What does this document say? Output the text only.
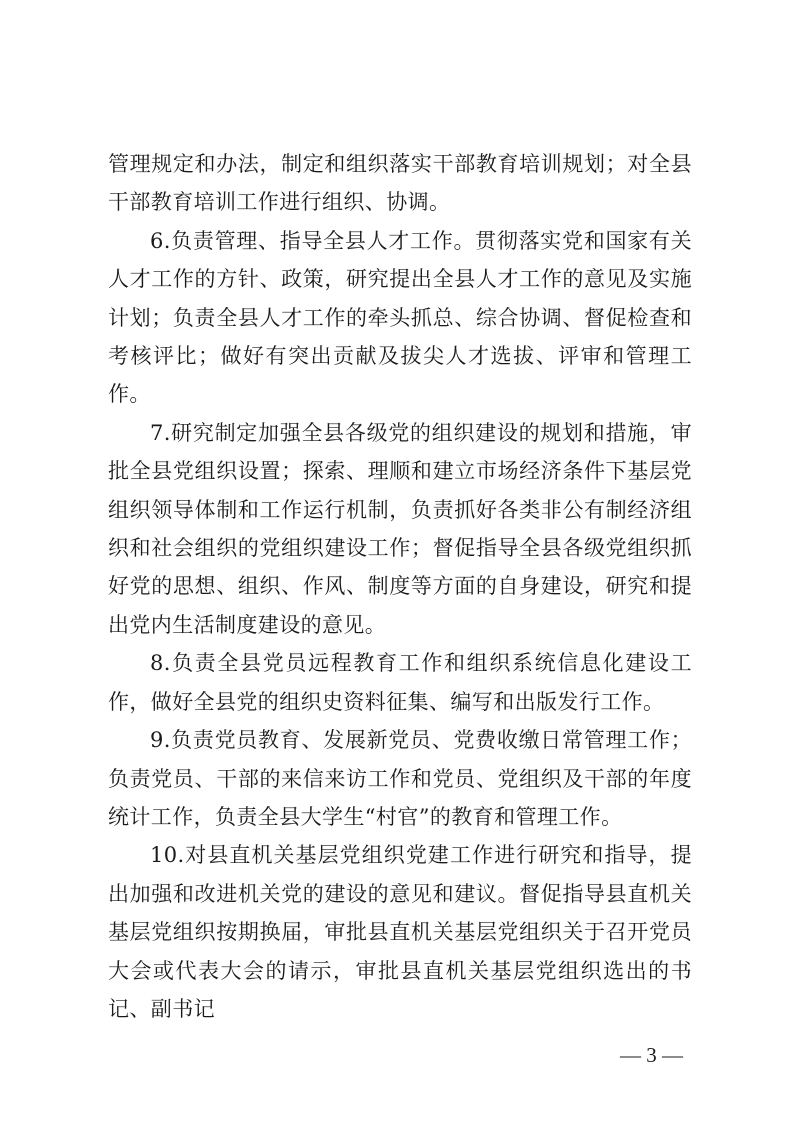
管理规定和办法，制定和组织落实干部教育培训规划；对全县干部教育培训工作进行组织、协调。

6.负责管理、指导全县人才工作。贯彻落实党和国家有关人才工作的方针、政策，研究提出全县人才工作的意见及实施计划；负责全县人才工作的牵头抓总、综合协调、督促检查和考核评比；做好有突出贡献及拔尖人才选拔、评审和管理工作。

7.研究制定加强全县各级党的组织建设的规划和措施，审批全县党组织设置；探索、理顺和建立市场经济条件下基层党组织领导体制和工作运行机制，负责抓好各类非公有制经济组织和社会组织的党组织建设工作；督促指导全县各级党组织抓好党的思想、组织、作风、制度等方面的自身建设，研究和提出党内生活制度建设的意见。

8.负责全县党员远程教育工作和组织系统信息化建设工作，做好全县党的组织史资料征集、编写和出版发行工作。

9.负责党员教育、发展新党员、党费收缴日常管理工作；负责党员、干部的来信来访工作和党员、党组织及干部的年度统计工作，负责全县大学生“村官”的教育和管理工作。

10.对县直机关基层党组织党建工作进行研究和指导，提出加强和改进机关党的建设的意见和建议。督促指导县直机关基层党组织按期换届，审批县直机关基层党组织关于召开党员大会或代表大会的请示，审批县直机关基层党组织选出的书记、副书记

— 3 —
